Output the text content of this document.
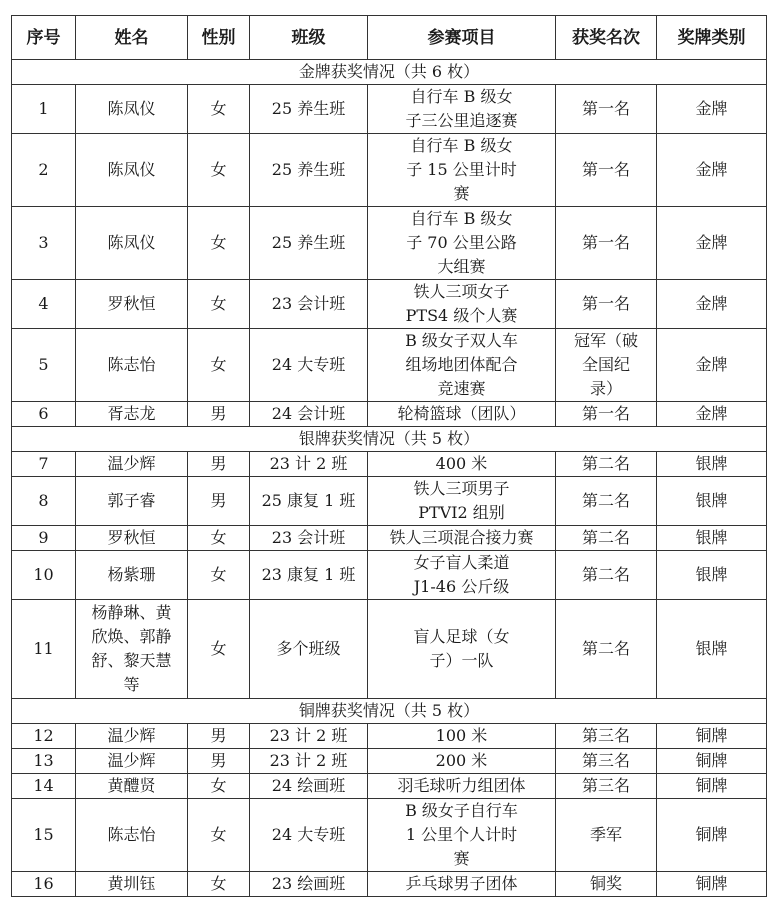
序号	姓名	性别	班级	参赛项目	获奖名次	奖牌类别
金牌获奖情况（共 6 枚）						
1	陈凤仪	女	25 养生班	自行车 B 级女子三公里追逐赛	第一名	金牌
2	陈凤仪	女	25 养生班	自行车 B 级女子 15 公里计时赛	第一名	金牌
3	陈凤仪	女	25 养生班	自行车 B 级女子 70 公里公路大组赛	第一名	金牌
4	罗秋恒	女	23 会计班	铁人三项女子 PTS4 级个人赛	第一名	金牌
5	陈志怡	女	24 大专班	B 级女子双人车组场地团体配合竞速赛	冠军（破全国纪录）	金牌
6	胥志龙	男	24 会计班	轮椅篮球（团队）	第一名	金牌
银牌获奖情况（共 5 枚）						
7	温少辉	男	23 计 2 班	400 米	第二名	银牌
8	郭子睿	男	25 康复 1 班	铁人三项男子 PTVI2 组别	第二名	银牌
9	罗秋恒	女	23 会计班	铁人三项混合接力赛	第二名	银牌
10	杨紫珊	女	23 康复 1 班	女子盲人柔道 J1-46 公斤级	第二名	银牌
11	杨静琳、黄欣焕、郭静舒、黎天慧等	女	多个班级	盲人足球（女子）一队	第二名	银牌
铜牌获奖情况（共 5 枚）						
12	温少辉	男	23 计 2 班	100 米	第三名	铜牌
13	温少辉	男	23 计 2 班	200 米	第三名	铜牌
14	黄醴贤	女	24 绘画班	羽毛球听力组团体	第三名	铜牌
15	陈志怡	女	24 大专班	B 级女子自行车 1 公里个人计时赛	季军	铜牌
16	黄圳钰	女	23 绘画班	乒乓球男子团体	铜奖	铜牌
